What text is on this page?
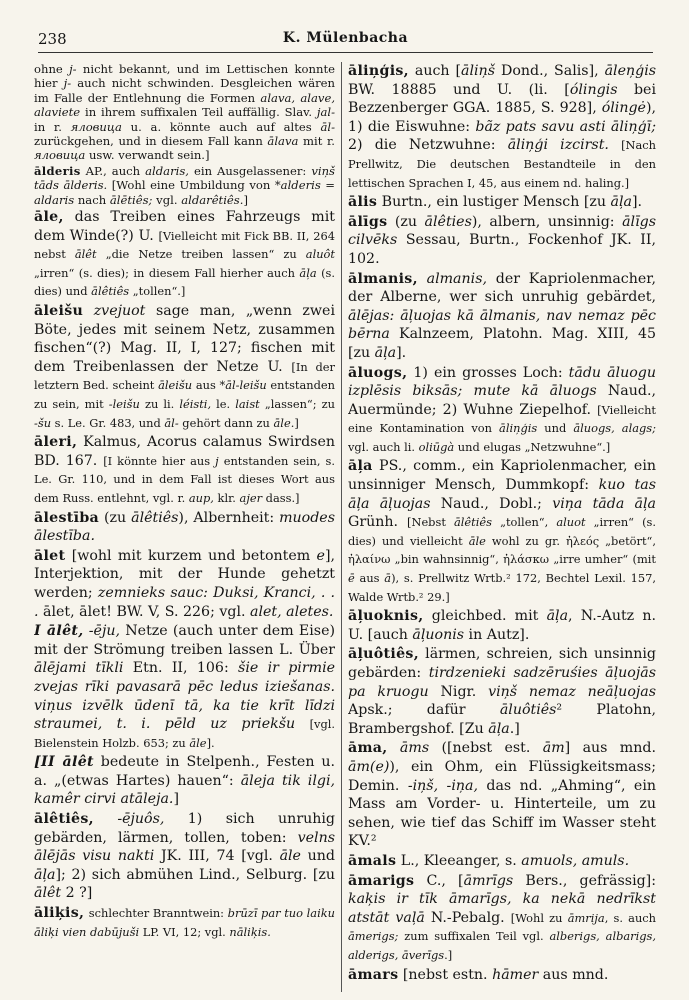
238	K. Mülenbacha

ohne j- nicht bekannt, und im Lettischen konnte hier j- auch nicht schwinden. Desgleichen wären im Falle der Entlehnung die Formen alava, alave, alaviete in ihrem suffixalen Teil auffällig. Slav. jal- in r. яловица u. a. könnte auch auf altes āl- zurückgehen, und in diesem Fall kann ālava mit r. яловица usw. verwandt sein.]

ālderis AP., auch aldaris, ein Ausgelassener: viņš tāds ālderis. [Wohl eine Umbildung von *alderis = aldaris nach ālētiês; vgl. aldarêtiês.]

āle, das Treiben eines Fahrzeugs mit dem Winde(?) U. [Vielleicht mit Fick BB. II, 264 nebst ālêt „die Netze treiben lassen“ zu aluôt „irren“ (s. dies); in diesem Fall hierher auch āļa (s. dies) und ālêtiês „tollen“.]

āleišu zvejuot sage man, „wenn zwei Böte, jedes mit seinem Netz, zusammen fischen“(?) Mag. II, I, 127; fischen mit dem Treibenlassen der Netze U. [In der letztern Bed. scheint āleišu aus *āl-leišu entstanden zu sein, mit -leišu zu li. léisti, le. laist „lassen“; zu -šu s. Le. Gr. 483, und āl- gehört dann zu āle.]

āleri, Kalmus, Acorus calamus Swirdsen BD. 167. [I könnte hier aus j entstanden sein, s. Le. Gr. 110, und in dem Fall ist dieses Wort aus dem Russ. entlehnt, vgl. r. аир, klr. ajer dass.]

ālestība (zu ālêtiês), Albernheit: muodes ālestība.

ālet [wohl mit kurzem und betontem e], Interjektion, mit der Hunde gehetzt werden; zemnieks sauc: Duksi, Kranci, . . . ālet, ālet! BW. V, S. 226; vgl. alet, aletes.

I ālêt, -ēju, Netze (auch unter dem Eise) mit der Strömung treiben lassen L. Über ālējami tīkli Etn. II, 106: šie ir pirmie zvejas rīki pavasarā pēc ledus iziešanas. viņus izvēlk ūdenī tā, ka tie krīt līdzi straumei, t. i. pēld uz priekšu [vgl. Bielenstein Holzb. 653; zu āle].

[II ālêt bedeute in Stelpenh., Festen u. a. „(etwas Hartes) hauen“: āleja tik ilgi, kamêr cirvi atāleja.]

ālêtiês, -ējuôs, 1) sich unruhig gebärden, lärmen, tollen, toben: velns ālējās visu nakti JK. III, 74 [vgl. āle und āļa]; 2) sich abmühen Lind., Selburg. [zu ālêt 2 ?]

āliķis, schlechter Branntwein: brūzī par tuo laiku āliķi vien dabūjuši LP. VI, 12; vgl. nāliķis.

āliņģis, auch [āliņš Dond., Salis], āleņģis BW. 18885 und U. (li. [ólingis bei Bezzenberger GGA. 1885, S. 928], ólingė), 1) die Eiswuhne: bãz pats savu asti āliņģī; 2) die Netzwuhne: āliņģi izcirst. [Nach Prellwitz, Die deutschen Bestandteile in den lettischen Sprachen I, 45, aus einem nd. haling.]

ālis Burtn., ein lustiger Mensch [zu āļa].

ālīgs (zu ālêties), albern, unsinnig: ālīgs cilvēks Sessau, Burtn., Fockenhof JK. II, 102.

ālmanis, almanis, der Kapriolenmacher, der Alberne, wer sich unruhig gebärdet, ālējas: āļuojas kā ālmanis, nav nemaz pēc bērna Kalnzeem, Platohn. Mag. XIII, 45 [zu āļa].

āluogs, 1) ein grosses Loch: tādu āluogu izplēsis biksās; mute kā āluogs Naud., Auermünde; 2) Wuhne Ziepelhof. [Vielleicht eine Kontamination von āliņģis und āluogs, alags; vgl. auch li. oliūgà und elugas „Netzwuhne“.]

āļa PS., comm., ein Kapriolenmacher, ein unsinniger Mensch, Dummkopf: kuo tas āļa āļuojas Naud., Dobl.; viņa tāda āļa Grünh. [Nebst ālêtiês „tollen“, aluot „irren“ (s. dies) und vielleicht āle wohl zu gr. ἠλεός „betört“, ἠλαίνω „bin wahnsinnig“, ἠλάσκω „irre umher“ (mit ē aus ā), s. Prellwitz Wrtb.² 172, Bechtel Lexil. 157, Walde Wrtb.² 29.]

āļuoknis, gleichbed. mit āļa, N.-Autz n. U. [auch āļuonis in Autz].

āļuôtiês, lärmen, schreien, sich unsinnig gebärden: tirdzenieki sadzēruśies āļuojās pa kruogu Nigr. viņš nemaz neāļuojas Apsk.; dafür āluôtiês² Platohn, Brambergshof. [Zu āļa.]

āma, āms ([nebst est. ām] aus mnd. ām(e)), ein Ohm, ein Flüssigkeitsmass; Demin. -iņš, -iņa, das nd. „Ahming“, ein Mass am Vorder- u. Hinterteile, um zu sehen, wie tief das Schiff im Wasser steht KV.²

āmals L., Kleeanger, s. amuols, amuls.

āmarigs C., [āmrīgs Bers., gefrässig]: kaķis ir tīk āmarīgs, ka nekā nedrīkst atstāt vaļā N.-Pebalg. [Wohl zu āmrija, s. auch āmerigs; zum suffixalen Teil vgl. alberigs, albarigs, alderigs, āverīgs.]

āmars [nebst estn. hāmer aus mnd.
